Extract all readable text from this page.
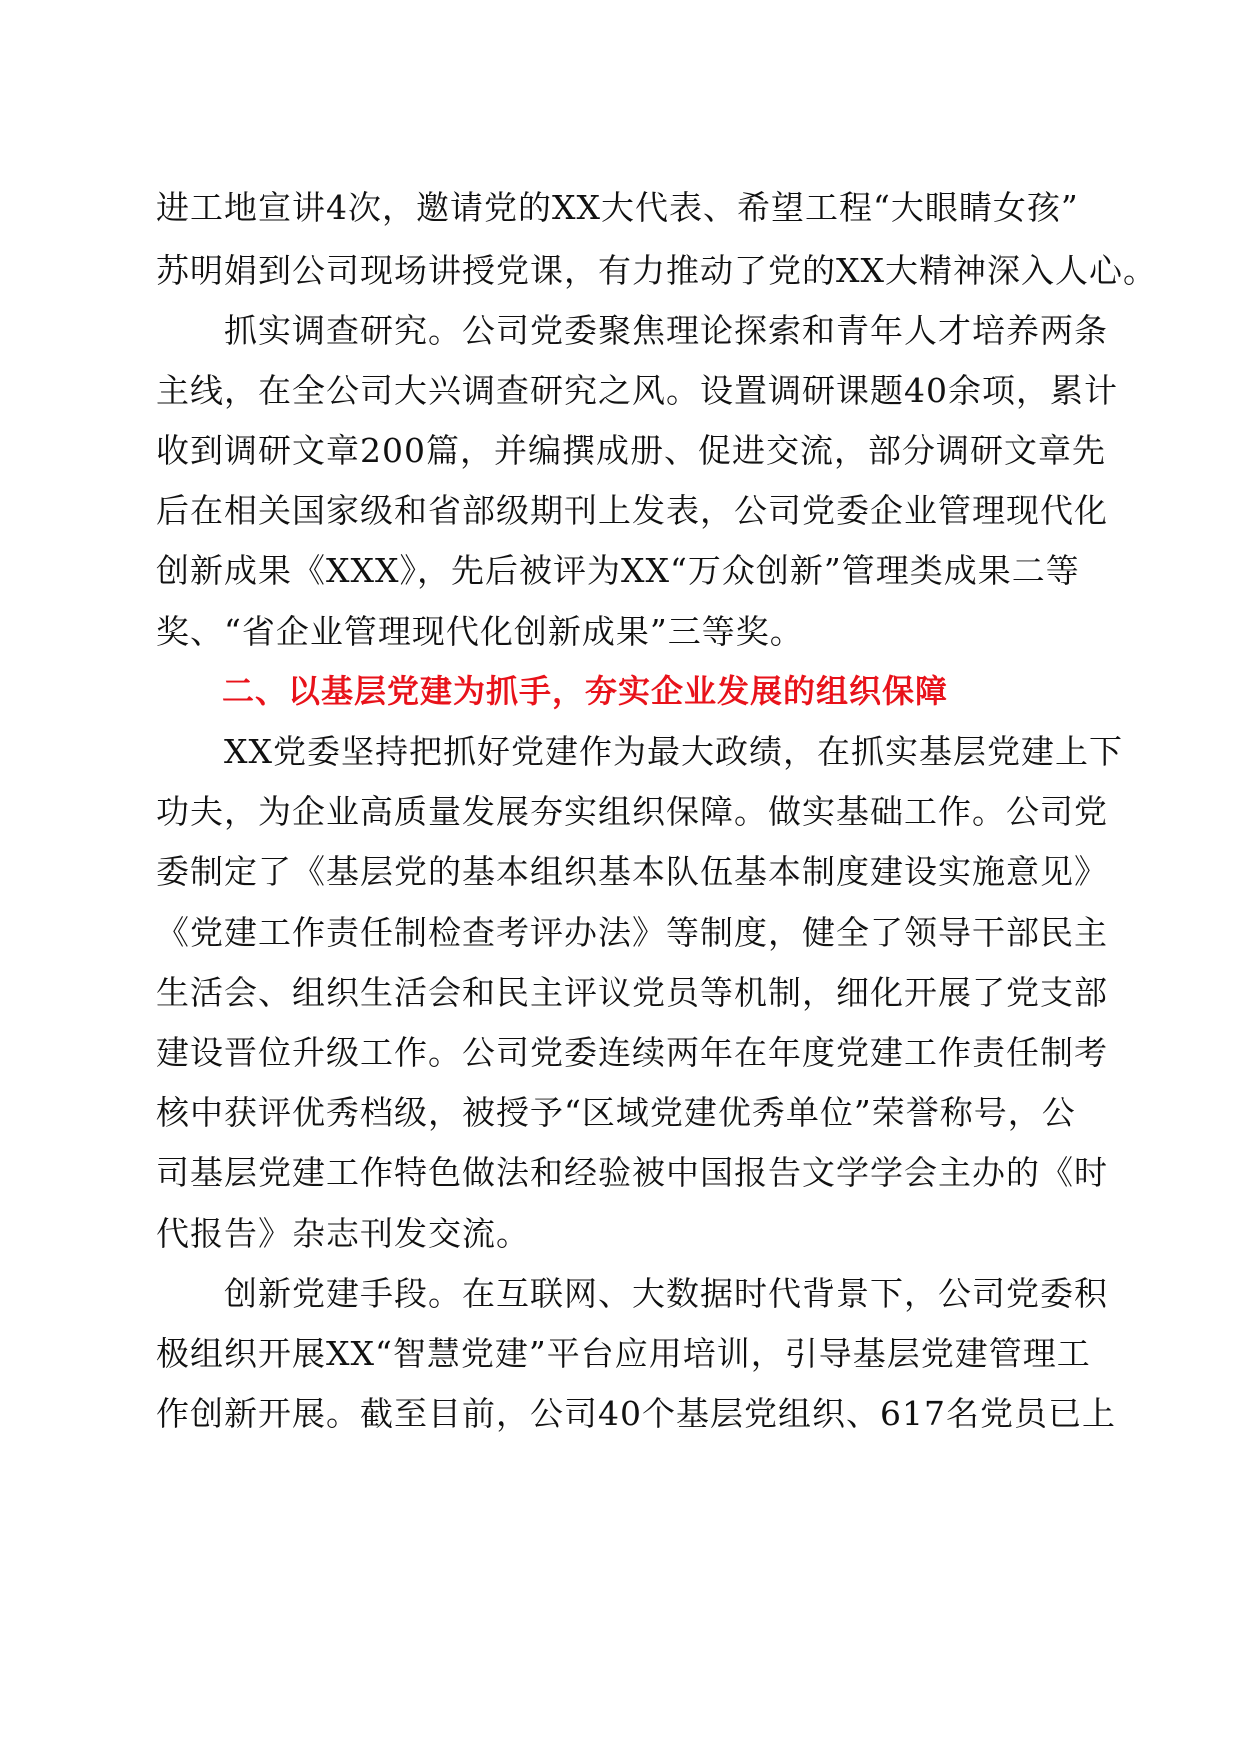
进工地宣讲4次，邀请党的XX大代表、希望工程“大眼睛女孩”
苏明娟到公司现场讲授党课，有力推动了党的XX大精神深入人心。
　　抓实调查研究。公司党委聚焦理论探索和青年人才培养两条
主线，在全公司大兴调查研究之风。设置调研课题40余项，累计
收到调研文章200篇，并编撰成册、促进交流，部分调研文章先
后在相关国家级和省部级期刊上发表，公司党委企业管理现代化
创新成果《XXX》，先后被评为XX“万众创新”管理类成果二等
奖、“省企业管理现代化创新成果”三等奖。
二、以基层党建为抓手，夯实企业发展的组织保障
　　XX党委坚持把抓好党建作为最大政绩，在抓实基层党建上下
功夫，为企业高质量发展夯实组织保障。做实基础工作。公司党
委制定了《基层党的基本组织基本队伍基本制度建设实施意见》
《党建工作责任制检查考评办法》等制度，健全了领导干部民主
生活会、组织生活会和民主评议党员等机制，细化开展了党支部
建设晋位升级工作。公司党委连续两年在年度党建工作责任制考
核中获评优秀档级，被授予“区域党建优秀单位”荣誉称号，公
司基层党建工作特色做法和经验被中国报告文学学会主办的《时
代报告》杂志刊发交流。
　　创新党建手段。在互联网、大数据时代背景下，公司党委积
极组织开展XX“智慧党建”平台应用培训，引导基层党建管理工
作创新开展。截至目前，公司40个基层党组织、617名党员已上
